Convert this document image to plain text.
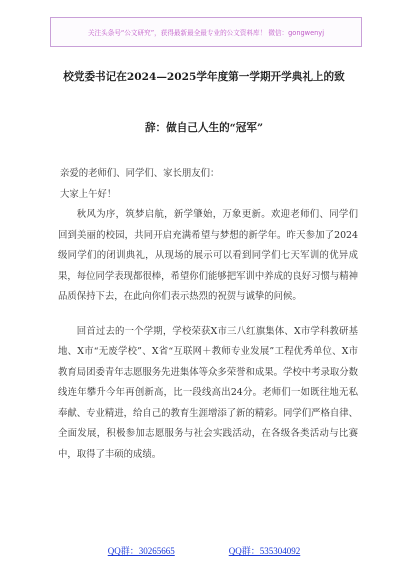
关注头条号“公文研究”，获得最新最全最专业的公文资料库！ 微信：gongwenyj
校党委书记在2024—2025学年度第一学期开学典礼上的致
辞：做自己人生的“冠军”

亲爱的老师们、同学们、家长朋友们：

大家上午好！

秋风为序，筑梦启航，新学肇始，万象更新。欢迎老师们、同学们回到美丽的校园，共同开启充满希望与梦想的新学年。昨天参加了2024级同学们的闭训典礼，从现场的展示可以看到同学们七天军训的优异成果，每位同学表现都很棒，希望你们能够把军训中养成的良好习惯与精神品质保持下去，在此向你们表示热烈的祝贺与诚挚的问候。

回首过去的一个学期，学校荣获X市三八红旗集体、X市学科教研基地、X市“无废学校”、X省“互联网＋教师专业发展”工程优秀单位、X市教育局团委青年志愿服务先进集体等众多荣誉和成果。学校中考录取分数线连年攀升今年再创新高，比一段线高出24分。老师们一如既往地无私奉献、专业精进，给自己的教育生涯增添了新的精彩。同学们严格自律、全面发展，积极参加志愿服务与社会实践活动，在各级各类活动与比赛中，取得了丰硕的成绩。

QQ群：30265665	QQ群：535304092
